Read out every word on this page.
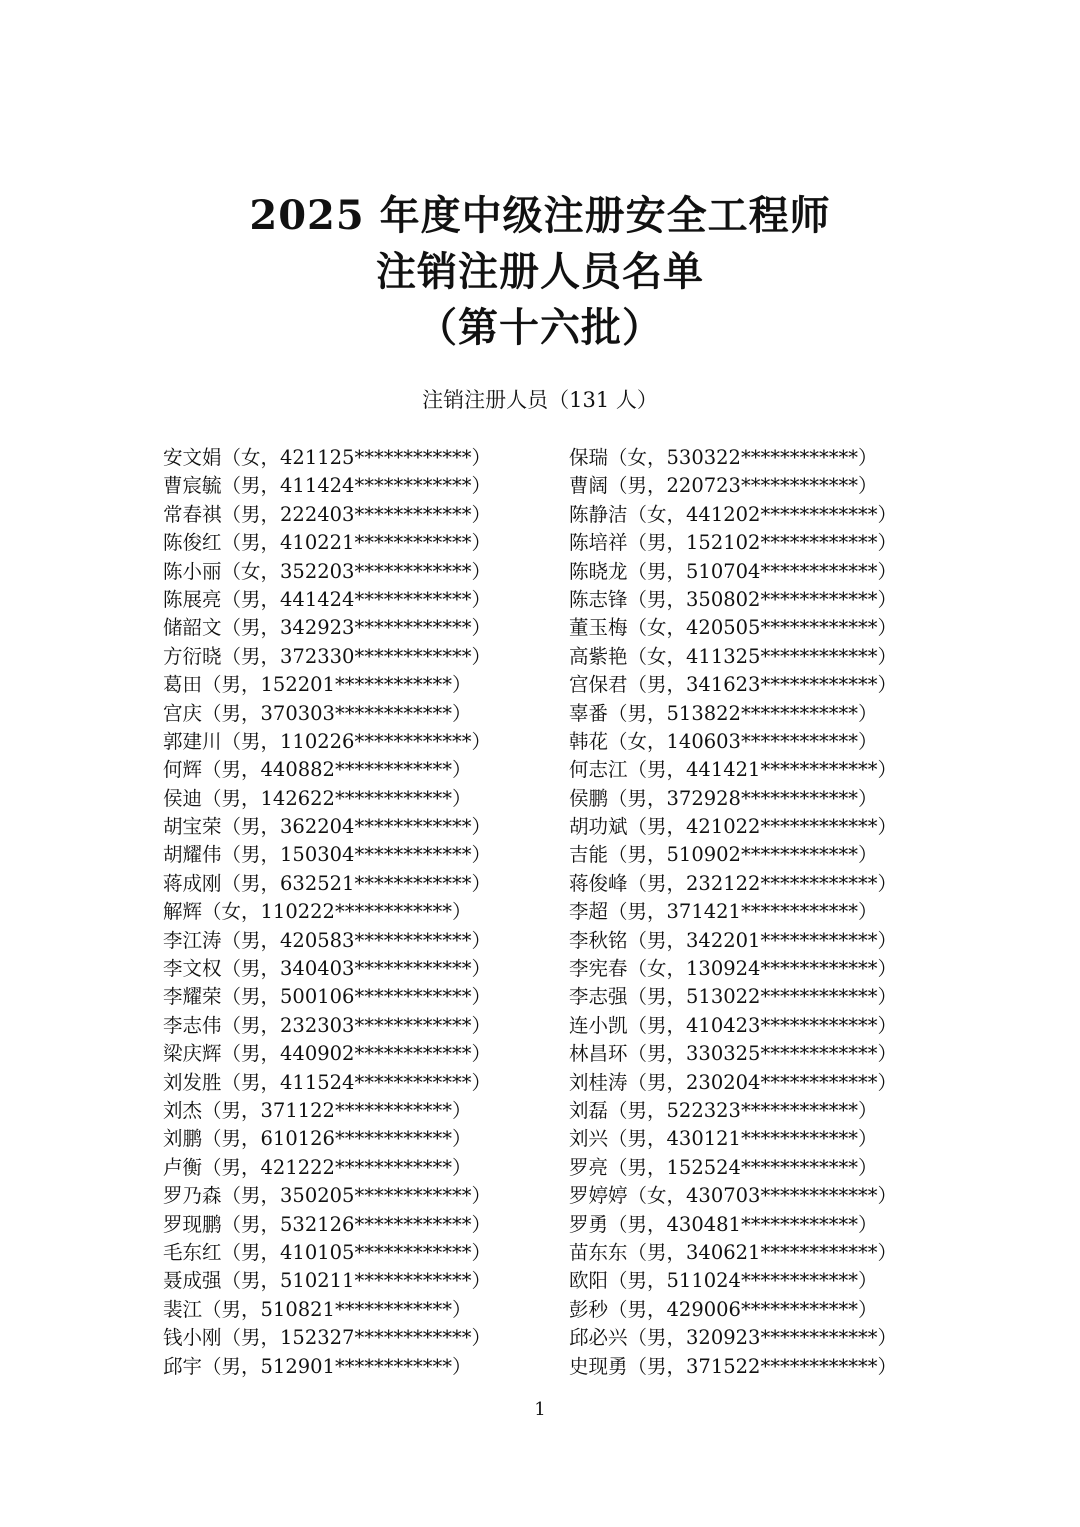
2025 年度中级注册安全工程师

注销注册人员名单

（第十六批）

注销注册人员（131 人）

安文娟（女，421125************）
曹宸毓（男，411424************）
常春祺（男，222403************）
陈俊红（男，410221************）
陈小丽（女，352203************）
陈展亮（男，441424************）
储韶文（男，342923************）
方衍晓（男，372330************）
葛田（男，152201************）
宫庆（男，370303************）
郭建川（男，110226************）
何辉（男，440882************）
侯迪（男，142622************）
胡宝荣（男，362204************）
胡耀伟（男，150304************）
蒋成刚（男，632521************）
解辉（女，110222************）
李江涛（男，420583************）
李文权（男，340403************）
李耀荣（男，500106************）
李志伟（男，232303************）
梁庆辉（男，440902************）
刘发胜（男，411524************）
刘杰（男，371122************）
刘鹏（男，610126************）
卢衡（男，421222************）
罗乃森（男，350205************）
罗现鹏（男，532126************）
毛东红（男，410105************）
聂成强（男，510211************）
裴江（男，510821************）
钱小刚（男，152327************）
邱宇（男，512901************）
保瑞（女，530322************）
曹阔（男，220723************）
陈静洁（女，441202************）
陈培祥（男，152102************）
陈晓龙（男，510704************）
陈志锋（男，350802************）
董玉梅（女，420505************）
高紫艳（女，411325************）
宫保君（男，341623************）
辜番（男，513822************）
韩花（女，140603************）
何志江（男，441421************）
侯鹏（男，372928************）
胡功斌（男，421022************）
吉能（男，510902************）
蒋俊峰（男，232122************）
李超（男，371421************）
李秋铭（男，342201************）
李宪春（女，130924************）
李志强（男，513022************）
连小凯（男，410423************）
林昌环（男，330325************）
刘桂涛（男，230204************）
刘磊（男，522323************）
刘兴（男，430121************）
罗亮（男，152524************）
罗婷婷（女，430703************）
罗勇（男，430481************）
苗东东（男，340621************）
欧阳（男，511024************）
彭秒（男，429006************）
邱必兴（男，320923************）
史现勇（男，371522************）
1
